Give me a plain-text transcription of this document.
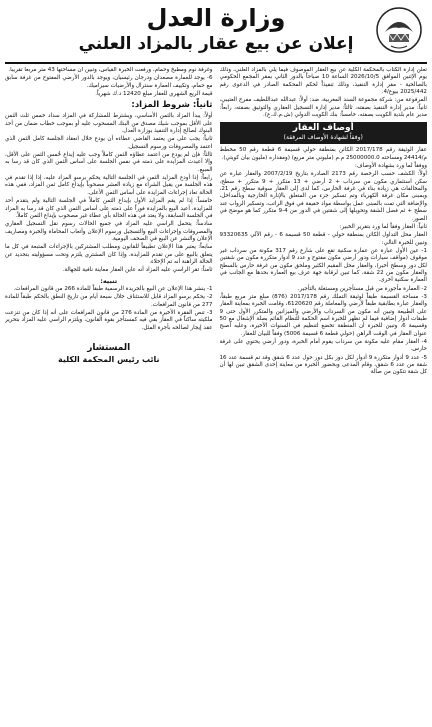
وزارة العدل
إعلان عن بيع عقار بالمزاد العلني

تعلن إدارة الكتاب بالمحكمة الكلية عن بيع العقار الموصوف فيما يلي بالمزاد العلني، وذلك يوم الإثنين الموافق 2026/10/5 الساعة 10 صباحاً بالدور الثاني بمقر المجمع الحكومي بالصالحية - مقر إدارة التنفيذ، وذلك تنفيذاً لحكم المحكمة الصادر في الدعوى رقم 2025/442 بيوع/4.

المرفوعة من: شركة مجموعة السند المغربية، ضد: أولاً: عبدالله عبداللطيف مفرج العتيبي، ثانياً: مدير إدارة التنفيذ بصفته، ثالثاً: مدير إدارة التسجيل العقاري والتوثيق بصفته، رابعاً: مدير عام بلدية الكويت بصفته، خامساً: بنك الكويت الدولي (ش.م.ك.ع).

أوصاف العقار
(وفقاً لشهادة الأوصاف المرفقة)

عقار الوثيقة رقم 2017/178 الكائن بمنطقة حولي قسيمة 6 قطعة رقم 50 مخطط م/24414 ومساحته 25000000.0 م.م (مليوني متر مربع) (ومقداره (مليون بيان كويتي).

ووفقاً لما ورد بشهادة الأوصاف:

أولاً: الكشف حسب الرخصة رقم 2173 الصادرة بتاريخ 2007/2/19 والعقار عبارة عن سكن استثماري مكون من سرداب + 2 أرضي + 13 متكرر + 9 متكرر + سطح، والمخالفات هي زيادة بناء في غرفة الحارس، كما لدى إلى العقار سوقية سطح رقم 21، وبمبنى مكان غرفة الكهرباء وتم تسكير جزء من المتعلق بالإنارة الخارجية وبالمداخل، والإضافة التي تمت بالمبنى عمل بواسطة مواد خفيفة في فوق الراتب، وتسكير الرواب عند سطح + ثم فصل الشقة وتحويلها إلى شقتين في الدور من 4-9 متكرر كما هو موضح في الصور.

ثانياً: العقار وفقاً لما ورد بتقرير الخبير:

العقار محل التداول الكائن بمنطقة حولي - قطعة 50 قسيمة 6 - رقم الآلي 93320635 وتبين للخبرة التالي:

1- عين الأول عبارة عن عمارة سكنية تقع على شارع رقم 317 مكونة من سرداب غير موقوف (مواقف سيارات ودور أرضي مكون مفتوح و عدد 9 أدوار متكررة مكون من شقتين لكل دور وسطح أخير)، والعقار محل المقيم الكثير وملحق مكون من غرفة حارس بالسطح والعقار مكون من 22 شقة، كما تبين لرقابة جهة عرف بيع العمارة بحدها مع الجانب في العمارة سكنية أخرى.

2- العمارة مأجورة من قبل مستأجرين ومستغلة بالتأجير.

3- مساحة القسيمة طبقاً لوثيقة التملك رقم 2017/178 (876) مبلغ متر مربع طبقاً، والعقار عبارة بطابقية طبقاً لأرضي والمعاملة رقم 6120620، وقامت الخبرة بمعاينة العقار على الطبيعة وتبين أنه مكون من السرداب والأرضي والميزانين والمتكرر الأول حتى 9 طبقات أدوار إضافية فيما لم تظهر للخبرة اسم الحكمة للنظام القائم بصلة الإشغال مع 50 وقسيمة 6، وتبين للخبرة أن المنطقة تخضع لتنظيم في السنوات الأخيرة، وعليه أصبح عنوان العقار في الوقت الراهن (حولي قطعة 6 قسيمة 5006) وفقاً للبيان للعقار.

4- العقار مقام عليه مكونة من سرداب يقوم أمام الخبرة، ودور أرضي يحتوي على غرفة حارس.

5- عدد 9 أدوار متكررة 9 أدوار لكل دور بكل دور حول عدد 6 شقق وقد تم قسمة عدد 16 شقة من عدد 6 شقق، وقام المدعى وبحضور الخبرة من معاينة إحدى الشقق تبين لها أن كل شقة تتكون من صالة

وغرفة نوم ومطبخ وحمام، ورفعت الخبرة القياس، وتبين أن مساحتها 43 متر مربعاً تقريباً.

6- يوجد للعمارة مصعدان ودرجان رئيسيان، ويوجد بالدور الأرضي المفتوح من غرفة سابق مع حمام، وتكييف العمارة سنترال والأرضيات سيراميك.

قيمة الريع الشهري للعقار مبلغ 12420 د.ك شهرياً.

ثانياً: شروط المزاد:

أولاً: يبدأ المزاد بالثمن الأساسي، ويشترط للمشاركة في المزاد سداد خمس ثلث الثمن على الأقل بموجب شيك مصدق من البنك المسحوب عليه أو بموجب خطاب ضمان من أحد البنوك لصالح إدارة التنفيذ بوزارة العدل.

ثانياً: يجب على من يعتمد القاضي عطاءه أن يودع خلال انعقاد الجلسة كامل الثمن الذي اعتمد والمصروفات ورسوم التسجيل.

ثالثاً: فإن لم يودع من اعتمد عطاؤه الثمن كاملاً وجب عليه إيداع خُمس الثمن على الأقل، وإلا أعيدت المزايدة على ذمته في نفس الجلسة على أساس الثمن الذي كان قد رسا به المبيع.

رابعاً: إذا أودع المزايد الثمن في الجلسة التالية يحكم برسو المزاد عليه، إذا إذا تقدم في هذه الجلسة من يقبل الشراء مع زيادة العشر مصحوباً بإيداع كامل ثمن المزاد، ففي هذه الحالة تعاد إجراءات المزايدة على أساس الثمن الأعلى.

خامساً: إذا لم يقم المزايد الأول بإيداع الثمن كاملاً في الجلسة التالية ولم يتقدم أحد للمزايدة، أعيد البيع بالمزايدة فوراً على ذمته على أساس الثمن الذي كان قد رسا به المزاد في الجلسة السابقة، ولا يعتد في هذه الحالة بأي عطاء غير مصحوب بإيداع الثمن كاملاً.

سادساً: يتحمل الراسي عليه المزاد في جميع الحالات رسوم نقل التسجيل العقاري والمصروفات وإجراءات البيع والتسجيل ورسوم الإعلان وأتعاب المحاماة والخبرة ومصاريف الإعلان والنشر عن البيع في الصحف اليومية.

سابعاً: يعتبر هذا الإعلان تطبيقاً للقانون ومطلب المشتركين بالإجراءات المتبعة في كل ما يتعلق بالبيع على من تقدم للمزايدة، وإذا كان المشتري يلتزم وتحت مسؤوليته بتحديد عن الحالة الراهنة أنه تم الإخلاء.

ثامناً: تقر الراسي عليه المزاد أنه عاين العقار معاينة نافية للجهالة.

تنبيه:

1- ينشر هذا الإعلان عن البيع بالجريدة الرسمية طبقاً للمادة 266 من قانون المرافعات.

2- يحكم برسو المزاد قابل للاستئناف خلال سبعة أيام من تاريخ النطق بالحكم طبقاً للمادة 277 من قانون المرافعات.

3- تنص الفقرة الأخيرة من المادة 276 من قانون المرافعات على أنه إذا كان من تنزعت ملكيته ساكناً في العقار بقي فيه كمستأجر بقوة القانون، ويلتزم الراسي عليه المزاد بتحرير عقد إيجار لصالحه بأجرة المثل.

المستشار
نائب رئيس المحكمة الكلية
